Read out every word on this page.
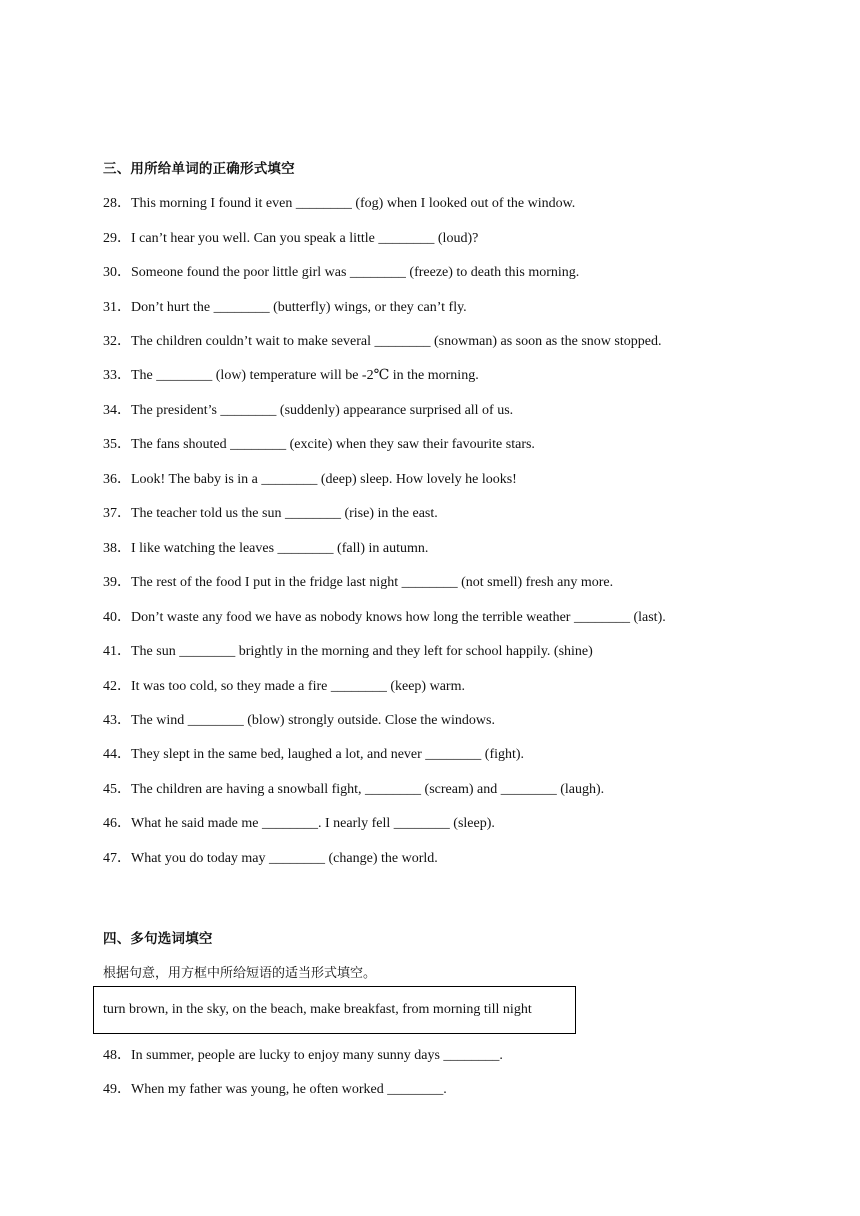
三、用所给单词的正确形式填空
28．This morning I found it even ________ (fog) when I looked out of the window.
29．I can’t hear you well. Can you speak a little ________ (loud)?
30．Someone found the poor little girl was ________ (freeze) to death this morning.
31．Don’t hurt the ________ (butterfly) wings, or they can’t fly.
32．The children couldn’t wait to make several ________ (snowman) as soon as the snow stopped.
33．The ________ (low) temperature will be -2℃ in the morning.
34．The president’s ________ (suddenly) appearance surprised all of us.
35．The fans shouted ________ (excite) when they saw their favourite stars.
36．Look! The baby is in a ________ (deep) sleep. How lovely he looks!
37．The teacher told us the sun ________ (rise) in the east.
38．I like watching the leaves ________ (fall) in autumn.
39．The rest of the food I put in the fridge last night ________ (not smell) fresh any more.
40．Don’t waste any food we have as nobody knows how long the terrible weather ________ (last).
41．The sun ________ brightly in the morning and they left for school happily. (shine)
42．It was too cold, so they made a fire ________ (keep) warm.
43．The wind ________ (blow) strongly outside. Close the windows.
44．They slept in the same bed, laughed a lot, and never ________ (fight).
45．The children are having a snowball fight, ________ (scream) and ________ (laugh).
46．What he said made me ________. I nearly fell ________ (sleep).
47．What you do today may ________ (change) the world.
四、多句选词填空
根据句意，用方框中所给短语的适当形式填空。
turn brown, in the sky, on the beach, make breakfast, from morning till night
48．In summer, people are lucky to enjoy many sunny days ________.
49．When my father was young, he often worked ________.
